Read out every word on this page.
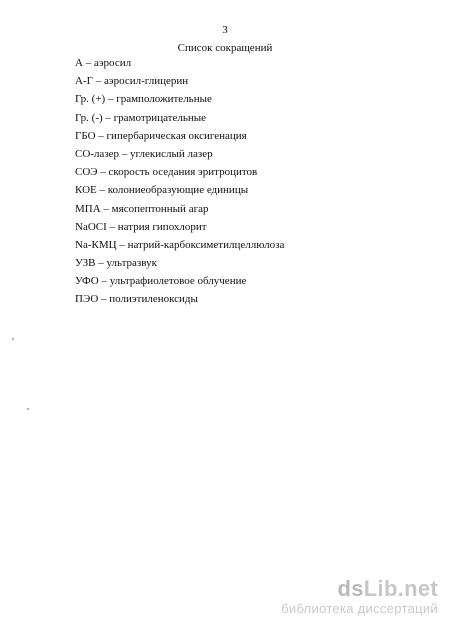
3
Список сокращений
А – аэросил
А-Г – аэросил-глицерин
Гр. (+) – грамположительные
Гр. (-) – грамотрицательные
ГБО – гипербарическая оксигенация
СО-лазер – углекислый лазер
СОЭ – скорость оседания эритроцитов
КОЕ – колониеобразующие единицы
МПА – мясопептонный агар
NaOCI – натрия гипохлорит
Na-КМЦ – натрий-карбоксиметилцеллюлоза
УЗВ – ультразвук
УФО – ультрафиолетовое облучение
ПЭО – полиэтиленоксиды
dsLib.net
библиотека диссертаций
